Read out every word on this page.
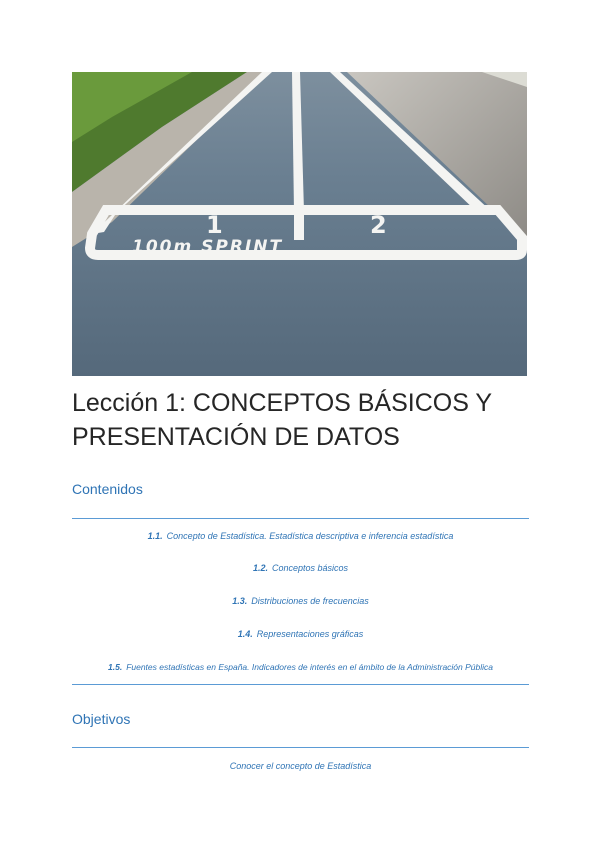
1	2
100m SPRINT
Lección 1: CONCEPTOS BÁSICOS Y
PRESENTACIÓN DE DATOS
Contenidos
1.1. Concepto de Estadística. Estadística descriptiva e inferencia estadística
1.2. Conceptos básicos
1.3. Distribuciones de frecuencias
1.4. Representaciones gráficas
1.5. Fuentes estadísticas en España. Indicadores de interés en el ámbito de la Administración Pública
Objetivos
Conocer el concepto de Estadística
